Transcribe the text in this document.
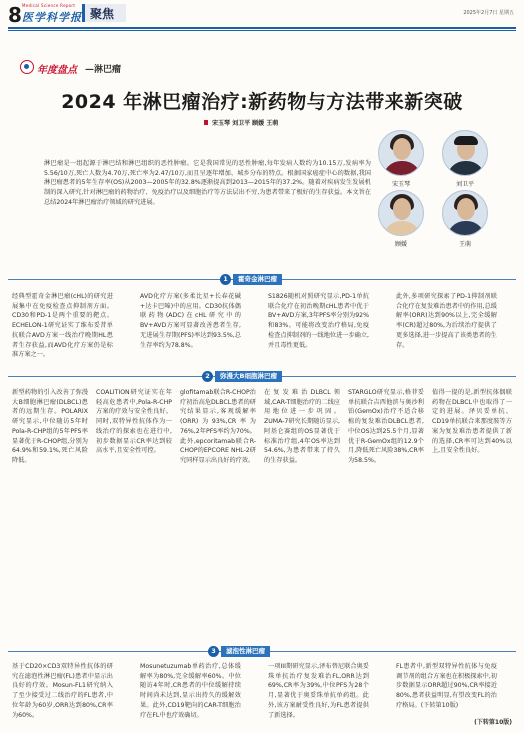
8 Medical Science Report
医学科学报 聚焦	2025年2月7日 星期五
年度盘点 —淋巴瘤
2024 年淋巴瘤治疗:新药物与方法带来新突破
宋玉琴 刘卫平 顾媛 王萌
宋玉琴	刘卫平
顾媛	王萌
淋巴瘤是一组起源于淋巴结和淋巴组织的恶性肿瘤。它是我国常见的恶性肿瘤,每年发病人数约为10.15万,发病率为5.56/10万,死亡人数为4.70万,死亡率为2.47/10万,而且呈逐年增加、城乡分布的特点。根据国家癌症中心的数据,我国淋巴瘤患者的5年生存率(OS)从2003—2005年的32.8%逐渐提高到2013—2015年的37.2%。随着对疾病发生发展机制的深入研究,针对淋巴瘤的药物治疗、免疫治疗以及细胞治疗等方法层出不穷,为患者带来了极好的生存获益。本文旨在总结2024年淋巴瘤治疗领域的研究进展。
1	霍奇金淋巴瘤
经典型霍奇金淋巴瘤(cHL)的研究进展集中在免疫检查点抑制剂方面。CD30和PD-1是两个重要的靶点。ECHELON-1研究证实了维布妥昔单抗联合AVD方案一线治疗晚期HL患者生存获益,而AVD化疗方案仍是标准方案之一。
AVD化疗方案(多柔比星+长春花碱+达卡巴嗪)中的应用。CD30抗体偶联药物(ADC)在cHL研究中的BV+AVD方案可显著改善患者生存,无进展生存期(PFS)率达到93.5%,总生存率约为78.8%。
S1826随机对照研究显示,PD-1单抗联合化疗在初治晚期cHL患者中优于BV+AVD方案,3年PFS率分别为92%和83%。可能将改变治疗格局,免疫检查点抑制剂的一线地位进一步确立,并且毒性更低。
此外,多项研究探索了PD-1抑制剂联合化疗在复发难治患者中的作用,总缓解率(ORR)达到90%以上,完全缓解率(CR)超过80%,为后续治疗提供了更多选择,进一步提高了该类患者的生存。
2	弥漫大B细胞淋巴瘤
新型药物的引入改善了弥漫大B细胞淋巴瘤(DLBCL)患者的远期生存。POLARIX研究显示,中位随访5年时Pola-R-CHP组的5年PFS率显著优于R-CHOP组,分别为64.9%和59.1%,死亡风险降低。
COALITION研究证实在年轻高危患者中,Pola-R-CHP方案的疗效与安全性良好。同时,双特异性抗体作为一线治疗的探索也在进行中,初步数据显示CR率达到较高水平,且安全性可控。
glofitamab联合R-CHOP治疗初治高危DLBCL患者的研究结果显示,客观缓解率(ORR)为93%,CR率为76%,2年PFS率约为70%。此外,epcoritamab联合R-CHOP的EPCORE NHL-2研究同样显示出良好的疗效。
在复发难治DLBCL领域,CAR-T细胞治疗的二线应用地位进一步巩固。ZUMA-7研究长期随访显示,阿基仑赛组的OS显著优于标准治疗组,4年OS率达到54.6%,为患者带来了持久的生存获益。
STARGLO研究显示,格菲妥单抗联合吉西他滨与奥沙利铂(GemOx)治疗不适合移植的复发难治DLBCL患者,中位OS达到25.5个月,显著优于R-GemOx组的12.9个月,降低死亡风险38%,CR率为58.5%。
值得一提的是,新型抗体偶联药物在DLBCL中也取得了一定的进展。泽贝妥单抗、CD19单抗联合来那度胺等方案为复发难治患者提供了新的选择,CR率可达到40%以上,且安全性良好。
3	滤泡性淋巴瘤
基于CD20×CD3双特异性抗体的研究在滤泡性淋巴瘤(FL)患者中显示出良好的疗效。Mosun-FL1研究纳入了至少接受过二线治疗的FL患者,中位年龄为60岁,ORR达到80%,CR率为60%。
Mosunetuzumab单药治疗,总体缓解率为80%,完全缓解率60%。中位随访4年时,CR患者的中位缓解持续时间尚未达到,显示出持久的缓解效果。此外,CD19靶向的CAR-T细胞治疗在FL中也疗效确切。
一项III期研究显示,泽布替尼联合奥妥珠单抗治疗复发难治FL,ORR达到69%,CR率为39%,中位PFS为28个月,显著优于奥妥珠单抗单药组。此外,该方案耐受性良好,为FL患者提供了新选择。
FL患者中,新型双特异性抗体与免疫调节剂的组合方案也在积极探索中,初步数据显示ORR超过90%,CR率接近80%,患者获益明显,有望改变FL的治疗格局。(下转第10版)
(下转第10版)
